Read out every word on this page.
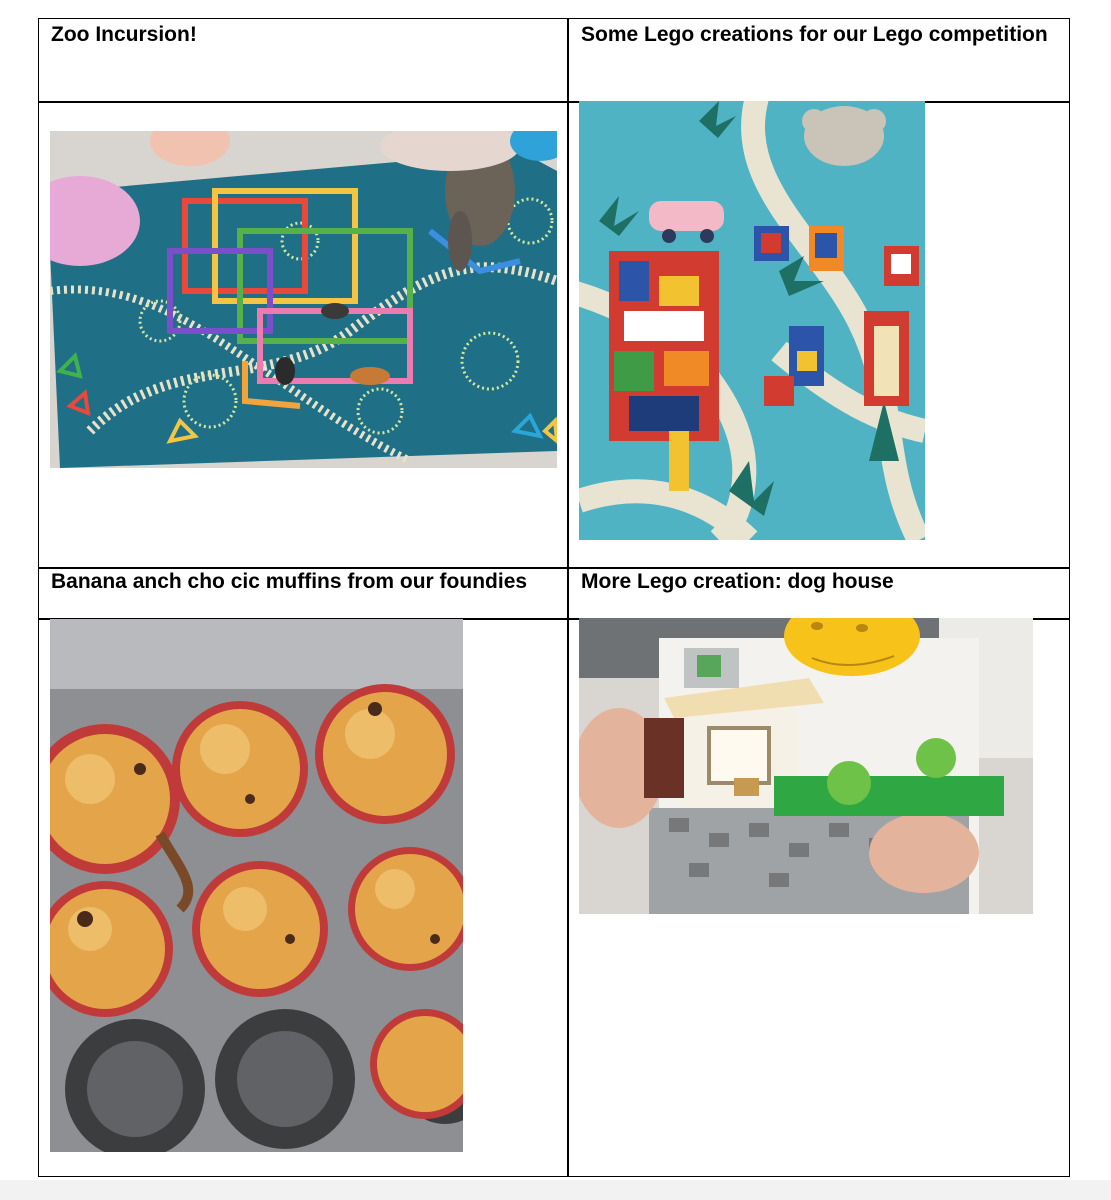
Zoo Incursion!	Some Lego creations for our Lego competition
Banana anch cho cic muffins from our foundies	More Lego creation: dog house
